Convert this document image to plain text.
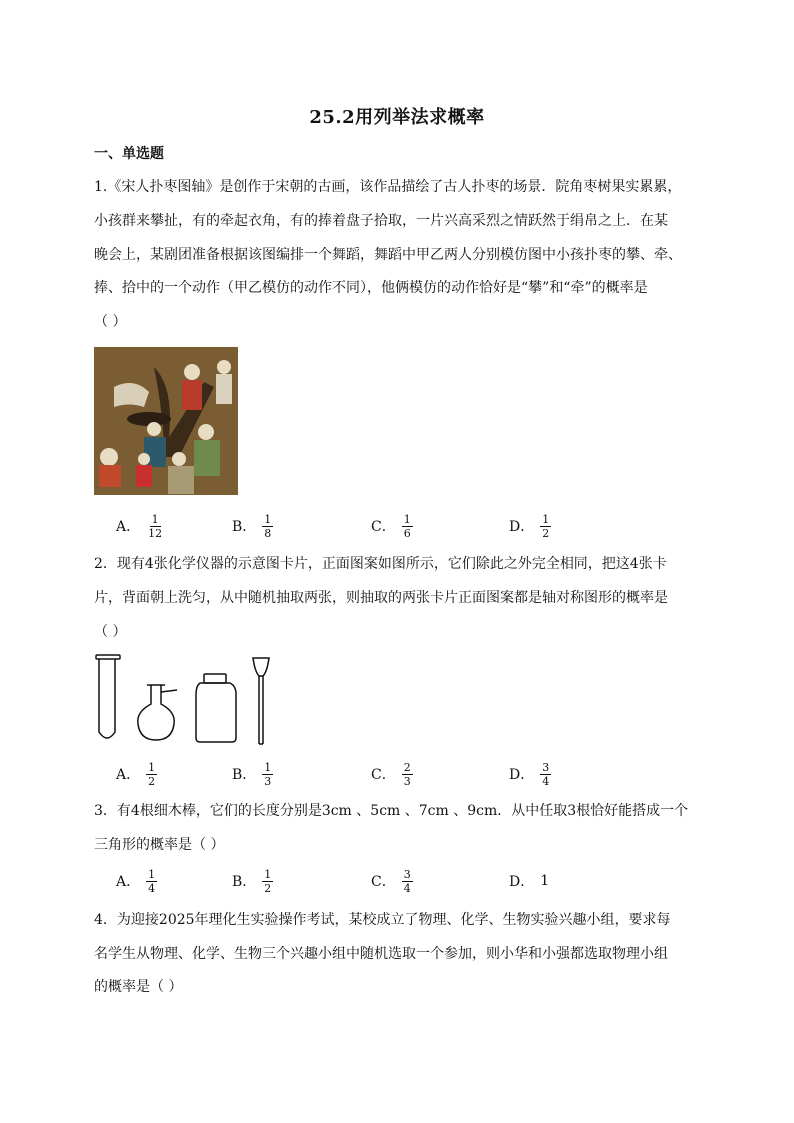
25.2用列举法求概率
一、单选题
1.《宋人扑枣图轴》是创作于宋朝的古画，该作品描绘了古人扑枣的场景．院角枣树果实累累，
小孩群来攀扯，有的牵起衣角，有的捧着盘子拾取，一片兴高采烈之情跃然于绢帛之上．在某
晚会上，某剧团准备根据该图编排一个舞蹈，舞蹈中甲乙两人分别模仿图中小孩扑枣的攀、牵、
捧、拾中的一个动作（甲乙模仿的动作不同），他俩模仿的动作恰好是“攀”和“牵”的概率是
（ ）
A． $\frac{1}{12}$	B． $\frac{1}{8}$	C． $\frac{1}{6}$	D． $\frac{1}{2}$
2．现有4张化学仪器的示意图卡片，正面图案如图所示，它们除此之外完全相同，把这4张卡
片，背面朝上洗匀，从中随机抽取两张，则抽取的两张卡片正面图案都是轴对称图形的概率是
（ ）
A． $\frac{1}{2}$	B． $\frac{1}{3}$	C． $\frac{2}{3}$	D． $\frac{3}{4}$
3．有4根细木棒，它们的长度分别是3cm 、5cm 、7cm 、9cm．从中任取3根恰好能搭成一个
三角形的概率是（ ）
A． $\frac{1}{4}$	B． $\frac{1}{2}$	C． $\frac{3}{4}$	D． 1
4．为迎接2025年理化生实验操作考试，某校成立了物理、化学、生物实验兴趣小组，要求每
名学生从物理、化学、生物三个兴趣小组中随机选取一个参加，则小华和小强都选取物理小组
的概率是（ ）
